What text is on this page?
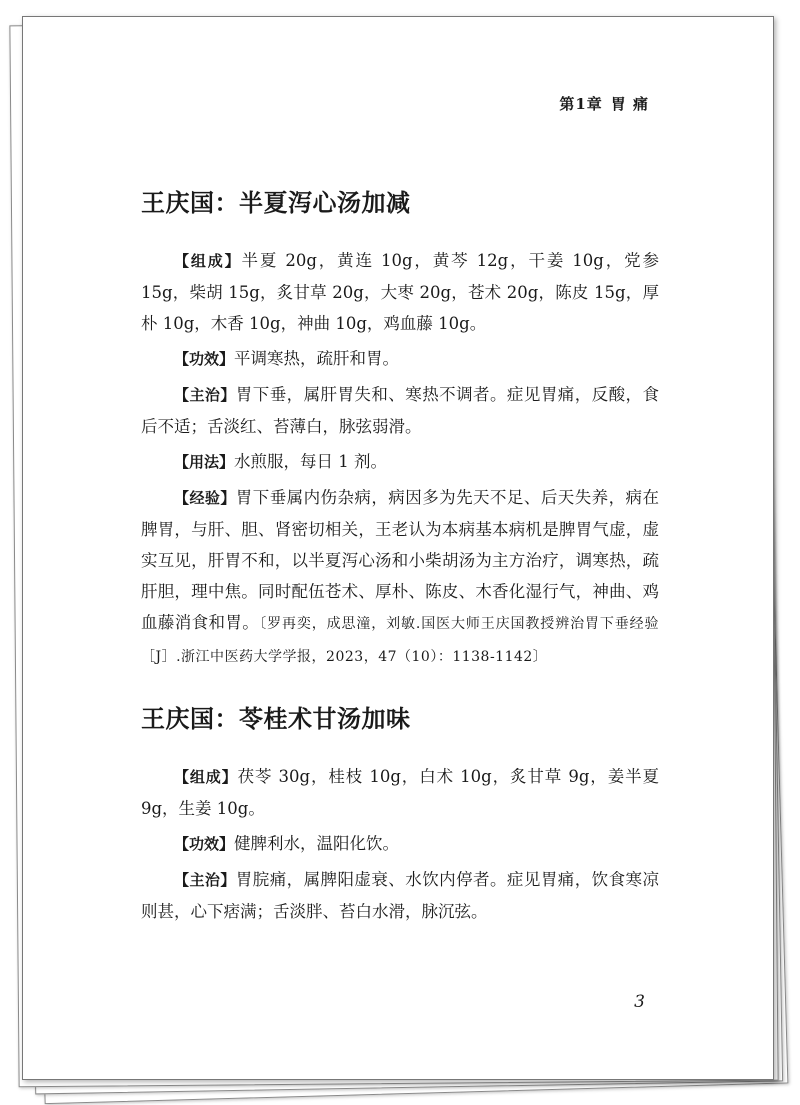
第1章 胃 痛
王庆国：半夏泻心汤加减

【组成】半夏 20g，黄连 10g，黄芩 12g，干姜 10g，党参 15g，柴胡 15g，炙甘草 20g，大枣 20g，苍术 20g，陈皮 15g，厚朴 10g，木香 10g，神曲 10g，鸡血藤 10g。

【功效】平调寒热，疏肝和胃。

【主治】胃下垂，属肝胃失和、寒热不调者。症见胃痛，反酸，食后不适；舌淡红、苔薄白，脉弦弱滑。

【用法】水煎服，每日 1 剂。

【经验】胃下垂属内伤杂病，病因多为先天不足、后天失养，病在脾胃，与肝、胆、肾密切相关，王老认为本病基本病机是脾胃气虚，虚实互见，肝胃不和，以半夏泻心汤和小柴胡汤为主方治疗，调寒热，疏肝胆，理中焦。同时配伍苍术、厚朴、陈皮、木香化湿行气，神曲、鸡血藤消食和胃。〔罗再奕，成思潼，刘敏.国医大师王庆国教授辨治胃下垂经验［J］.浙江中医药大学学报，2023，47（10）：1138-1142〕

王庆国：苓桂术甘汤加味

【组成】茯苓 30g，桂枝 10g，白术 10g，炙甘草 9g，姜半夏 9g，生姜 10g。

【功效】健脾利水，温阳化饮。

【主治】胃脘痛，属脾阳虚衰、水饮内停者。症见胃痛，饮食寒凉则甚，心下痞满；舌淡胖、苔白水滑，脉沉弦。

3
